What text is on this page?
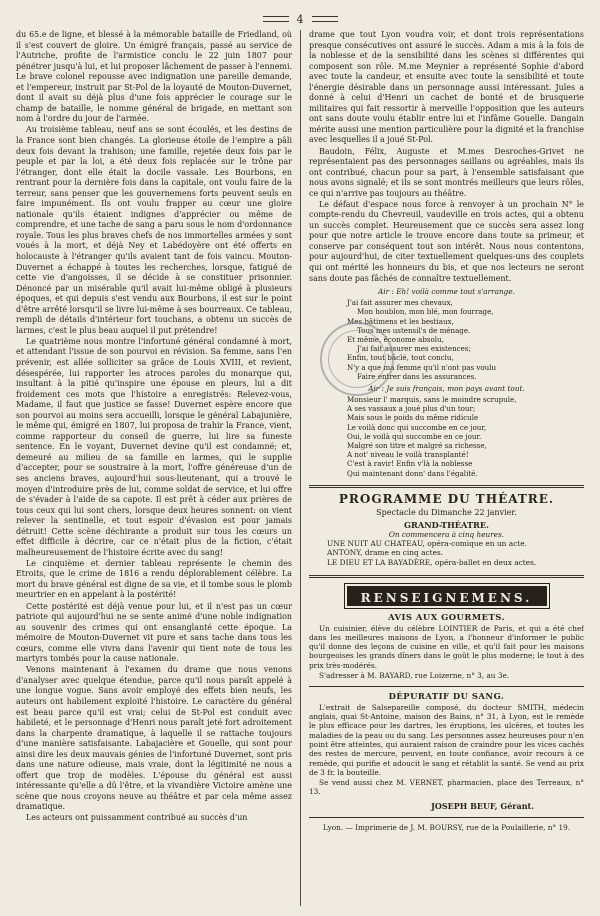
4

du 65.e de ligne, et blessé à la mémorable bataille de Friedland, où il s'est couvert de gloire. Un émigré français, passé au service de l'Autriche, profite de l'armistice conclu le 22 juin 1807 pour pénétrer jusqu'à lui, et lui proposer lâchement de passer à l'ennemi. Le brave colonel repousse avec indignation une pareille demande, et l'empereur, instruit par St-Pol de la loyauté de Mouton-Duvernet, dont il avait su déjà plus d'une fois apprécier le courage sur le champ de bataille, le nomme général de brigade, en mettant son nom à l'ordre du jour de l'armée.

Au troisième tableau, neuf ans se sont écoulés, et les destins de la France sont bien changés. La glorieuse étoile de l'empire a pâli deux fois devant la trahison; une famille, rejetée deux fois par le peuple et par la loi, a été deux fois replacée sur le trône par l'étranger, dont elle était la docile vassale. Les Bourbons, en rentrant pour la dernière fois dans la capitale, ont voulu faire de la terreur, sans penser que les gouvernemens forts peuvent seuls en faire impunément. Ils ont voulu frapper au cœur une gloire nationale qu'ils étaient indignes d'apprécier ou même de comprendre, et une tache de sang a paru sous le nom d'ordonnance royale. Tous les plus braves chefs de nos immortelles armées y sont voués à la mort, et déjà Ney et Labédoyère ont été offerts en holocauste à l'étranger qu'ils avaient tant de fois vaincu. Mouton-Duvernet a échappé à toutes les recherches, lorsque, fatigué de cette vie d'angoisses, il se décide à se constituer prisonnier. Dénoncé par un misérable qu'il avait lui-même obligé à plusieurs époques, et qui depuis s'est vendu aux Bourbons, il est sur le point d'être arrêté lorsqu'il se livre lui-même à ses bourreaux. Ce tableau, rempli de détails d'intérieur fort touchans, a obtenu un succès de larmes, c'est le plus beau auquel il put prétendre!

Le quatrième nous montre l'infortuné général condamné à mort, et attendant l'issue de son pourvoi en révision. Sa femme, sans l'en prévenir, est allée solliciter sa grâce de Louis XVIII, et revient, désespérée, lui rapporter les atroces paroles du monarque qui, insultant à la pitié qu'inspire une épouse en pleurs, lui a dit froidement ces mots que l'histoire a enregistrés: Relevez-vous, Madame, il faut que justice se fasse! Duvernet espère encore que son pourvoi au moins sera accueilli, lorsque le général Labajunière, le même qui, émigré en 1807, lui proposa de trahir la France, vient, comme rapporteur du conseil de guerre, lui lire sa funeste sentence. En le voyant, Duvernet devine qu'il est condamné; et, demeuré au milieu de sa famille en larmes, qui le supplie d'accepter, pour se soustraire à la mort, l'offre généreuse d'un de ses anciens braves, aujourd'hui sous-lieutenant, qui a trouvé le moyen d'introduire près de lui, comme soldat de service, et lui offre de s'évader à l'aide de sa capote. Il est prêt à céder aux prières de tous ceux qui lui sont chers, lorsque deux heures sonnent: on vient relever la sentinelle, et tout espoir d'évasion est pour jamais détruit! Cette scène déchirante a produit sur tous les cœurs un effet difficile à décrire, car ce n'était plus de la fiction, c'était malheureusement de l'histoire écrite avec du sang!

Le cinquième et dernier tableau représente le chemin des Etroits, que le crime de 1816 a rendu déplorablement célèbre. La mort du brave général est digne de sa vie, et il tombe sous le plomb meurtrier en en appelant à la postérité!

Cette postérité est déjà venue pour lui, et il n'est pas un cœur patriote qui aujourd'hui ne se sente animé d'une noble indignation au souvenir des crimes qui ont ensanglanté cette époque. La mémoire de Mouton-Duvernet vit pure et sans tache dans tous les cœurs, comme elle vivra dans l'avenir qui tient note de tous les martyrs tombés pour la cause nationale.

Venons maintenant à l'examen du drame que nous venons d'analyser avec quelque étendue, parce qu'il nous paraît appelé à une longue vogue. Sans avoir employé des effets bien neufs, les auteurs ont habilement exploité l'histoire. Le caractère du général est beau parce qu'il est vrai; celui de St-Pol est conduit avec habileté, et le personnage d'Henri nous paraît jeté fort adroitement dans la charpente dramatique, à laquelle il se rattache toujours d'une manière satisfaisante. Labajacière et Gouelle, qui sont pour ainsi dire les deux mauvais génies de l'infortuné Duvernet, sont pris dans une nature odieuse, mais vraie, dont la légitimité ne nous a offert que trop de modèles. L'épouse du général est aussi intéressante qu'elle a dû l'être, et la vivandière Victoire amène une scène que nous croyons neuve au théâtre et par cela même assez dramatique.

Les acteurs ont puissamment contribué au succès d'un

drame que tout Lyon voudra voir, et dont trois représentations presque consécutives ont assuré le succès. Adam a mis à la fois de la noblesse et de la sensibilité dans les scènes si différentes qui composent son rôle. M.me Meynier a représenté Sophie d'abord avec toute la candeur, et ensuite avec toute la sensibilité et toute l'énergie désirable dans un personnage aussi intéressant. Jules a donné à celui d'Henri un cachet de bonté et de brusquerie militaires qui fait ressortir à merveille l'opposition que les auteurs ont sans doute voulu établir entre lui et l'infâme Gouelle. Dangain mérite aussi une mention particulière pour la dignité et la franchise avec lesquelles il a joué St-Pol.

Baudoin, Félix, Auguste et M.mes Desroches-Grivet ne représentaient pas des personnages saillans ou agréables, mais ils ont contribué, chacun pour sa part, à l'ensemble satisfaisant que nous avons signalé; et ils se sont montrés meilleurs que leurs rôles, ce qui n'arrive pas toujours au théâtre.

Le défaut d'espace nous force à renvoyer à un prochain N° le compte-rendu du Chevreuil, vaudeville en trois actes, qui a obtenu un succès complet. Heureusement que ce succès sera assez long pour que notre article le trouve encore dans toute sa primeur, et conserve par conséquent tout son intérêt. Nous nous contentons, pour aujourd'hui, de citer textuellement quelques-uns des couplets qui ont mérité les honneurs du bis, et que nos lecteurs ne seront sans doute pas fâchés de connaître textuellement.

Air : Eh! voilà comme tout s'arrange.
J'ai fait assurer mes chevaux,
Mon houblon, mon blé, mon fourrage,
Mes bâtimens et les bestiaux,
Tous mes ustensil's de ménage.
Et même, économe absolu,
J'ai fait assurer mes existences;
Enfin, tout bâclé, tout conclu,
N'y a que ma femme qu'il n'ont pas voulu
Faire entrer dans les assurances.
Air : Je suis français, mon pays avant tout.
Monsieur l' marquis, sans le moindre scrupule,
A ses vassaux a joué plus d'un tour;
Mais sous le poids du même ridicule
Le voilà donc qui succombe en ce jour,
Oui, le voilà qui succombe en ce jour.
Malgré son titre et malgré sa richesse,
A not' niveau le voilà transplanté!
C'est à ravir! Enfin v'là la noblesse
Qui maintenant donn' dans l'égalité.
PROGRAMME DU THÉATRE.
Spectacle du Dimanche 22 janvier.
GRAND-THÉATRE.
On commencera à cinq heures.
UNE NUIT AU CHATEAU, opéra-comique en un acte.
ANTONY, drame en cinq actes.
LE DIEU ET LA BAYADÈRE, opéra-ballet en deux actes.
RENSEIGNEMENS.
AVIS AUX GOURMETS.

Un cuisinier, élève du célèbre LOINTIER de Paris, et qui a été chef dans les meilleures maisons de Lyon, a l'honneur d'informer le public qu'il donne des leçons de cuisine en ville, et qu'il fait pour les maisons bourgeoises les grands dîners dans le goût le plus moderne; le tout à des prix très-modérés.

S'adresser à M. BAYARD, rue Loizerne, n° 3, au 3e.

DÉPURATIF DU SANG.

L'extrait de Salsepareille composé, du docteur SMITH, médecin anglais, quai St-Antoine, maison des Bains, n° 31, à Lyon, est le remède le plus efficace pour les dartres, les éruptions, les ulcères, et toutes les maladies de la peau ou du sang. Les personnes assez heureuses pour n'en point être atteintes, qui auraient raison de craindre pour les vices cachés des restes de mercure, peuvent, en toute confiance, avoir recours à ce remède, qui purifie et adoucit le sang et rétablit la santé. Se vend au prix de 3 fr. la bouteille.

Se vend aussi chez M. VERNET, pharmacien, place des Terreaux, n° 13.

JOSEPH BEUF, Gérant.
Lyon. — Imprimerie de J. M. BOURSY, rue de la Poulaillerie, n° 19.
